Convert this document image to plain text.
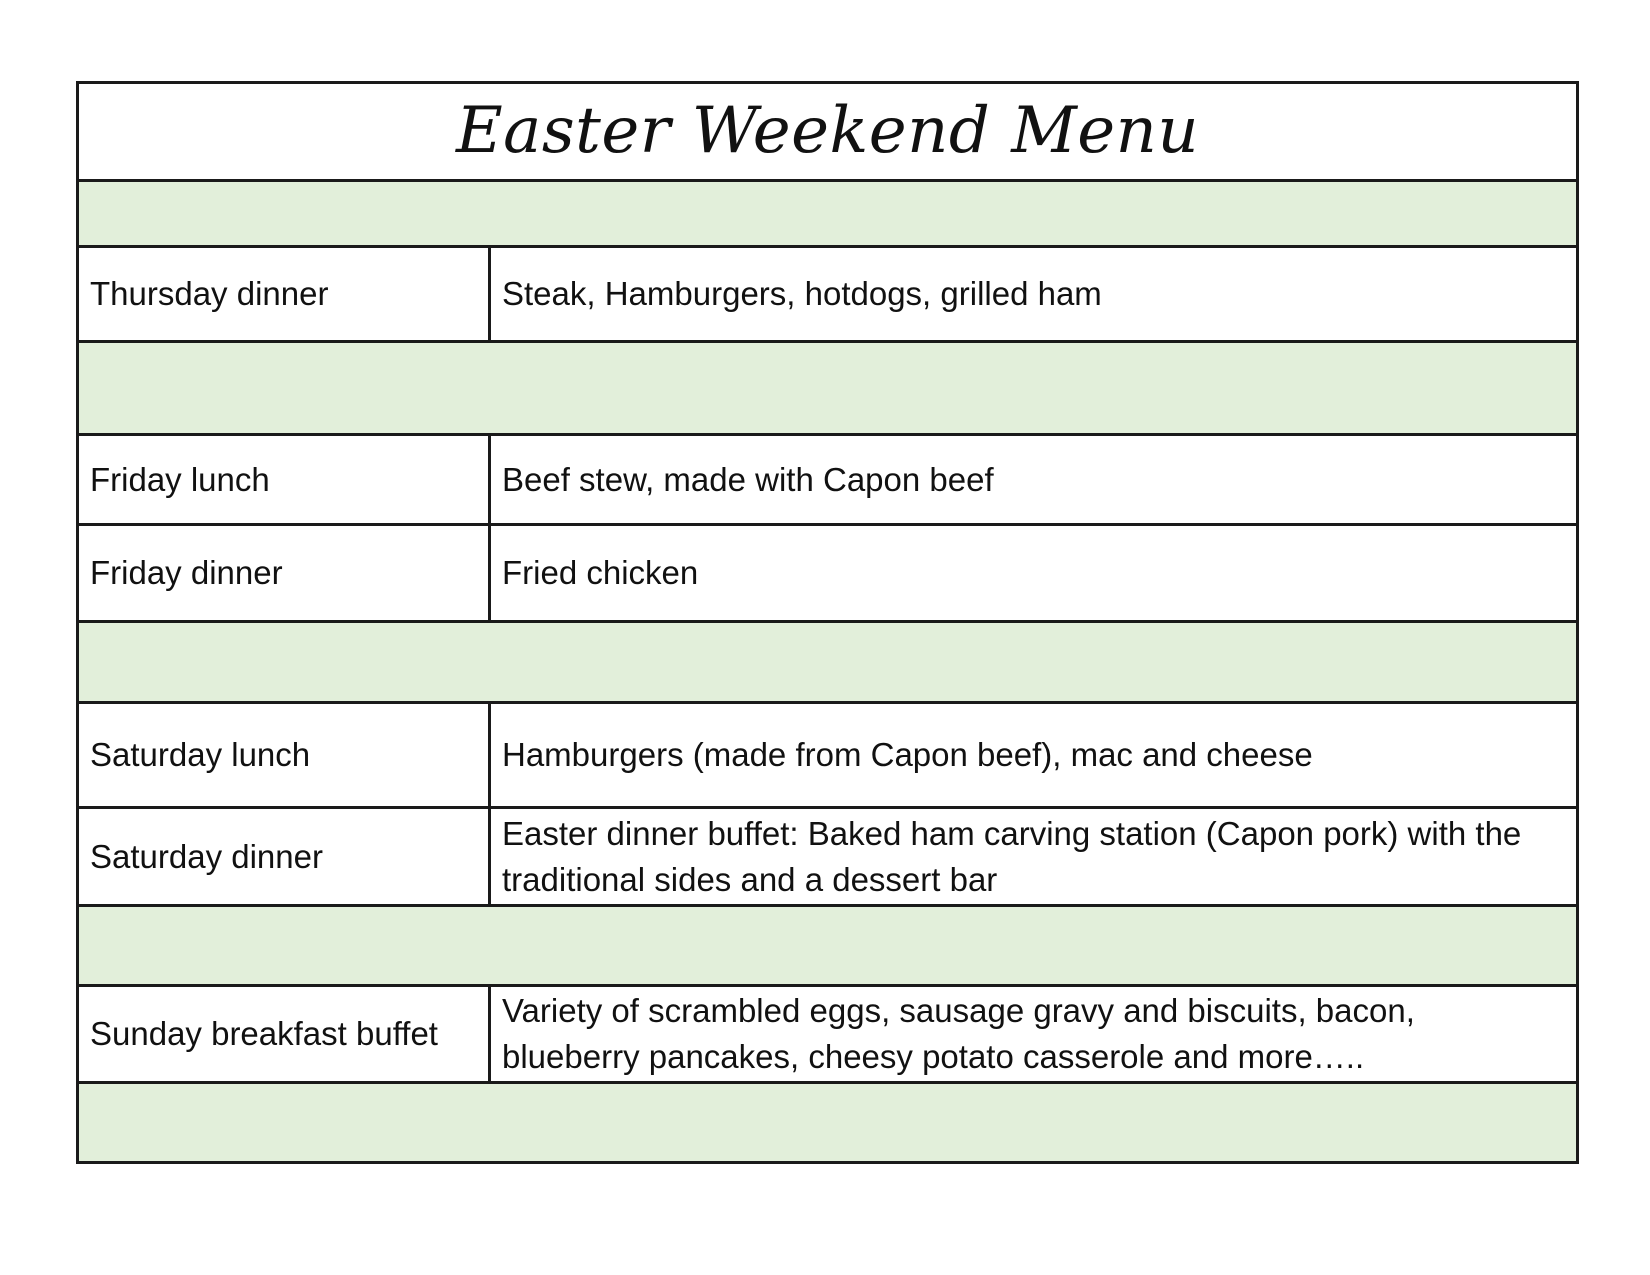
Easter Weekend Menu	

Thursday dinner	Steak, Hamburgers, hotdogs, grilled ham

Friday lunch	Beef stew, made with Capon beef
Friday dinner	Fried chicken

Saturday lunch	Hamburgers (made from Capon beef), mac and cheese
Saturday dinner	Easter dinner buffet: Baked ham carving station (Capon pork) with the traditional sides and a dessert bar

Sunday breakfast buffet	Variety of scrambled eggs, sausage gravy and biscuits, bacon, blueberry pancakes, cheesy potato casserole and more…..
